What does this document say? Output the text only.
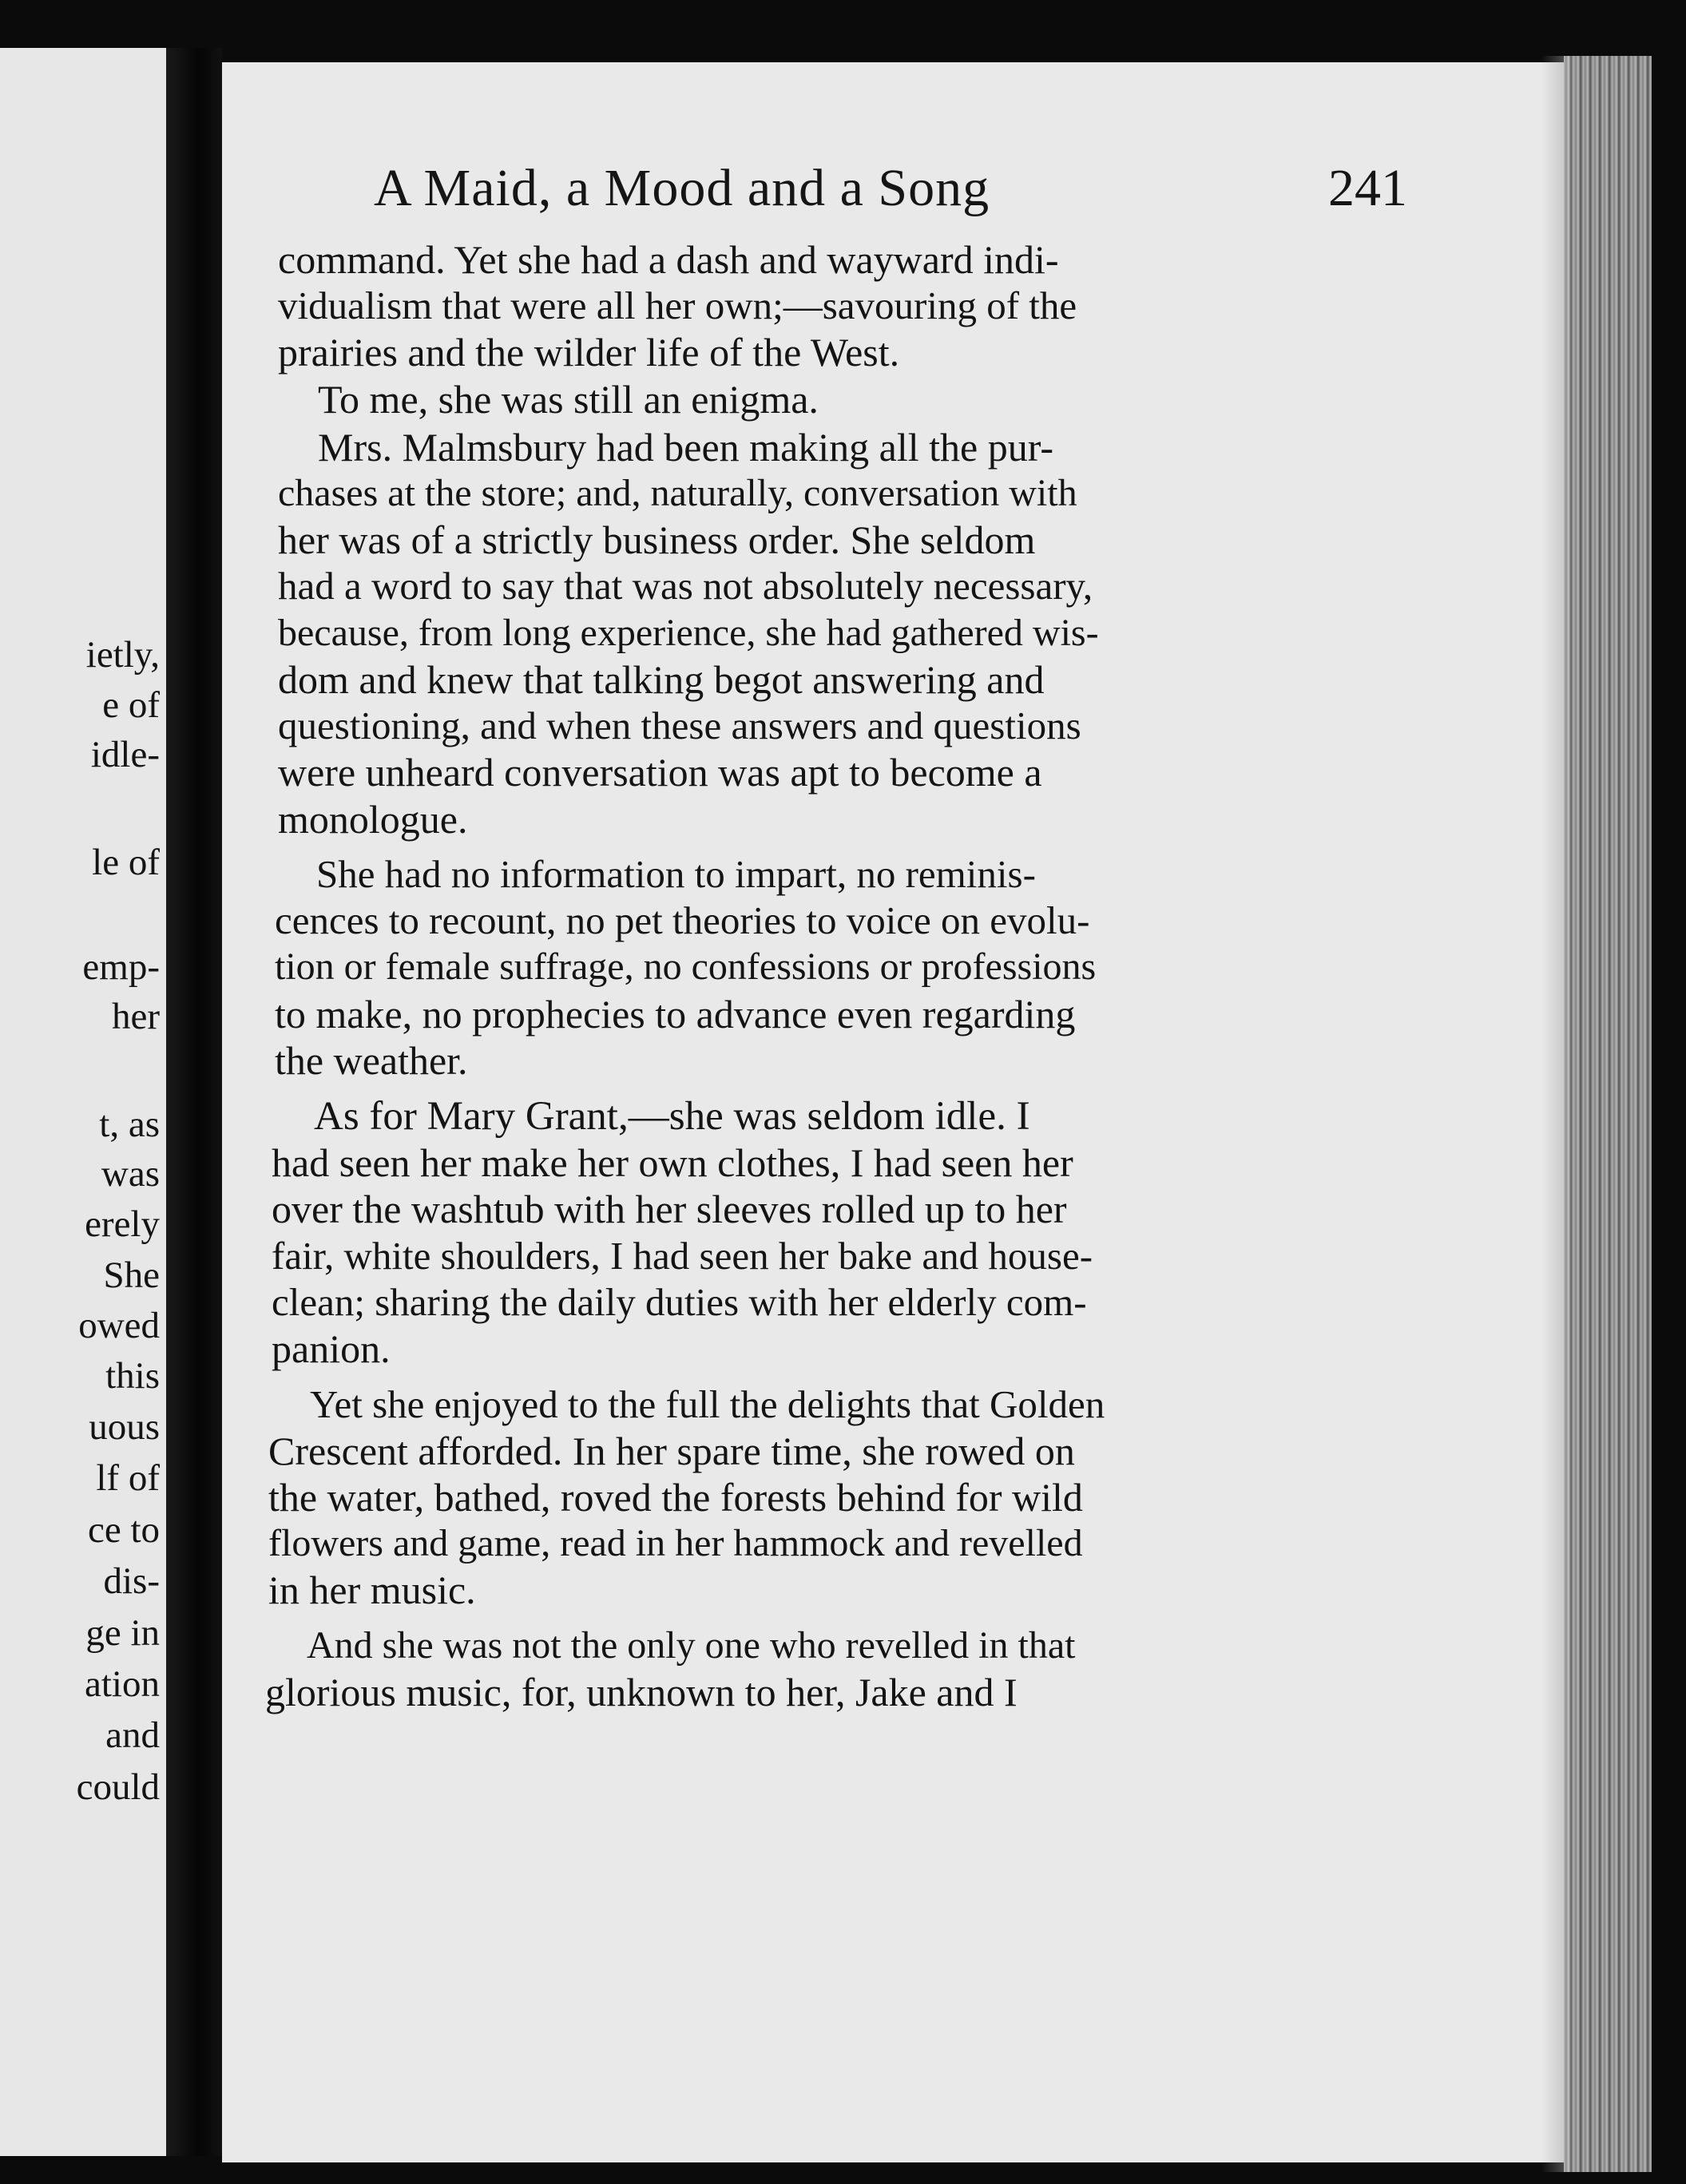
ietly,

e of

idle-

le of

emp-

her

t, as

was

erely

She

owed

this

uous

lf of

ce to

dis-

ge in

ation

and

could

A Maid, a Mood and a Song	241

command. Yet she had a dash and wayward indi-

vidualism that were all her own;—savouring of the

prairies and the wilder life of the West.

To me, she was still an enigma.

Mrs. Malmsbury had been making all the pur-

chases at the store; and, naturally, conversation with

her was of a strictly business order. She seldom

had a word to say that was not absolutely necessary,

because, from long experience, she had gathered wis-

dom and knew that talking begot answering and

questioning, and when these answers and questions

were unheard conversation was apt to become a

monologue.

She had no information to impart, no reminis-

cences to recount, no pet theories to voice on evolu-

tion or female suffrage, no confessions or professions

to make, no prophecies to advance even regarding

the weather.

As for Mary Grant,—she was seldom idle. I

had seen her make her own clothes, I had seen her

over the washtub with her sleeves rolled up to her

fair, white shoulders, I had seen her bake and house-

clean; sharing the daily duties with her elderly com-

panion.

Yet she enjoyed to the full the delights that Golden

Crescent afforded. In her spare time, she rowed on

the water, bathed, roved the forests behind for wild

flowers and game, read in her hammock and revelled

in her music.

And she was not the only one who revelled in that

glorious music, for, unknown to her, Jake and I
